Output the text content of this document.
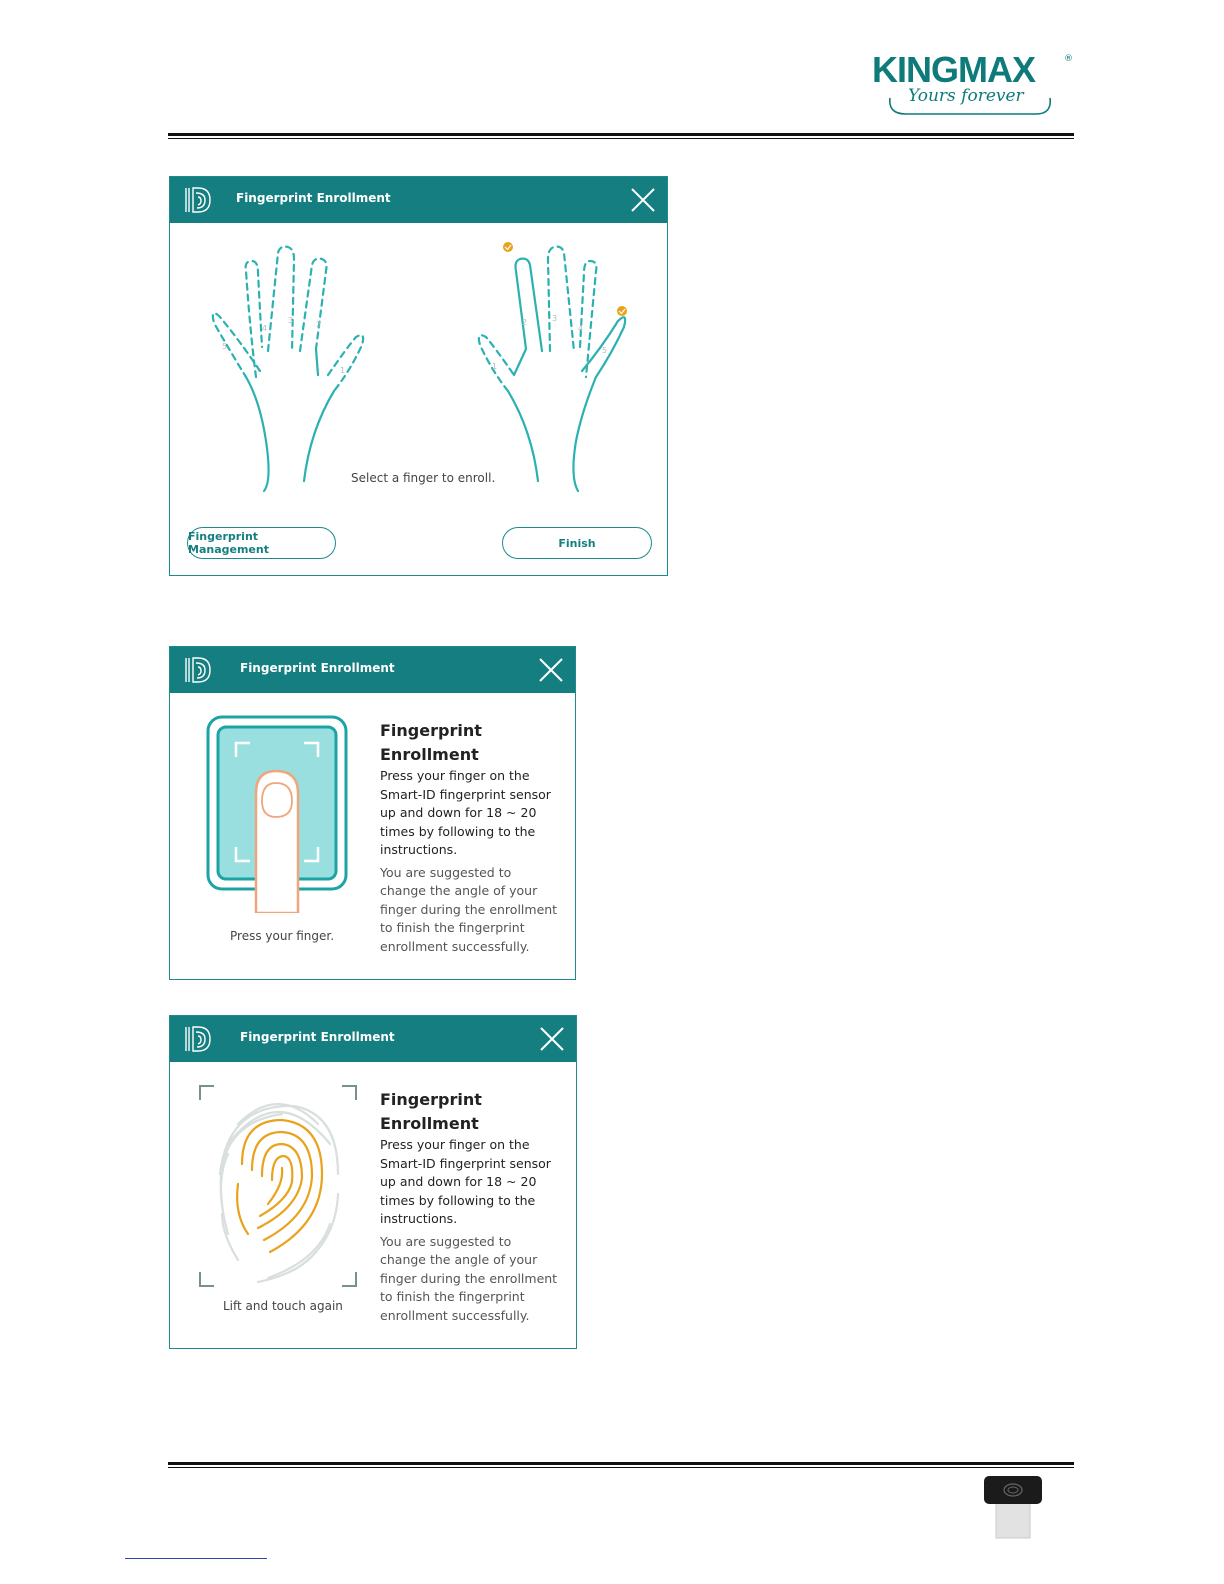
KINGMAX	®
Yours forever
Fingerprint Enrollment
5
4
3	2
1	1
2	3
4
5
Select a finger to enroll.
Fingerprint Management	Finish
Fingerprint Enrollment
Press your finger.

Fingerprint Enrollment

Press your finger on the Smart-ID fingerprint sensor up and down for 18 ~ 20 times by following to the instructions.

You are suggested to change the angle of your finger during the enrollment to finish the fingerprint enrollment successfully.

Fingerprint Enrollment
Lift and touch again

Fingerprint Enrollment

Press your finger on the Smart-ID fingerprint sensor up and down for 18 ~ 20 times by following to the instructions.

You are suggested to change the angle of your finger during the enrollment to finish the fingerprint enrollment successfully.
